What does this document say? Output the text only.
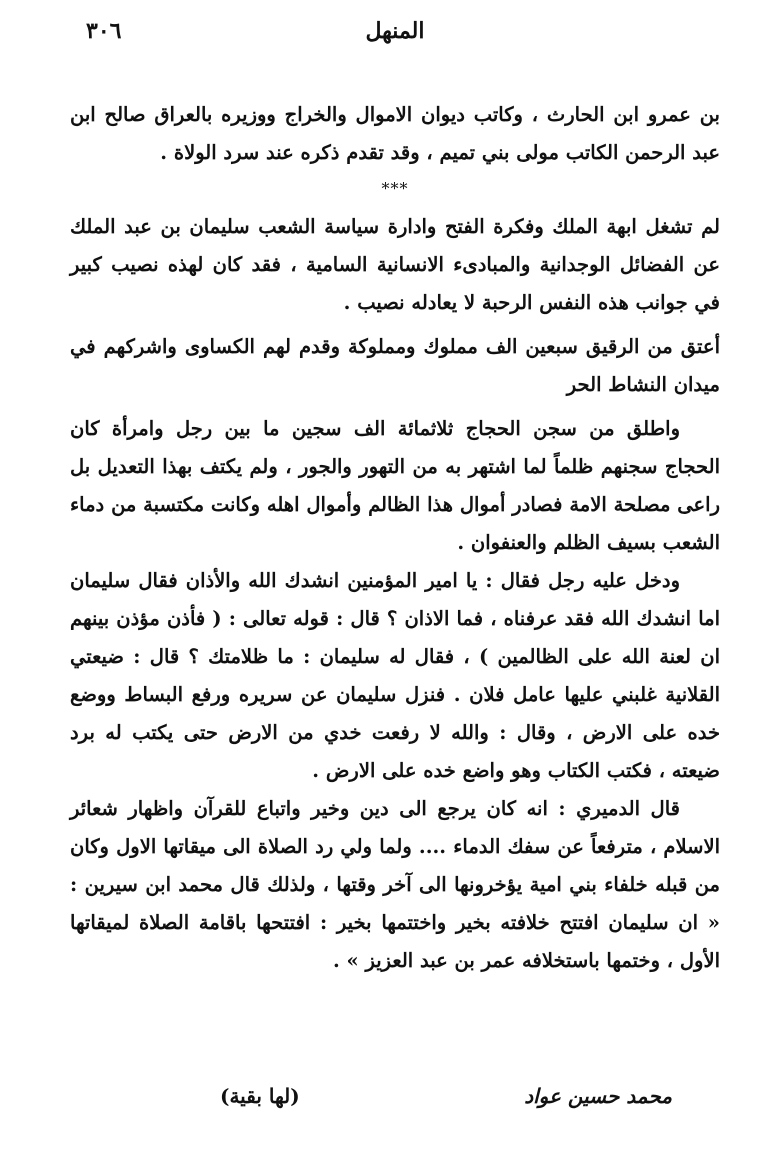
٣٠٦	المنهل

بن عمرو ابن الحارث ، وكاتب ديوان الاموال والخراج ووزيره بالعراق صالح ابن عبد الرحمن الكاتب مولى بني تميم ، وقد تقدم ذكره عند سرد الولاة .

***

لم تشغل ابهة الملك وفكرة الفتح وادارة سياسة الشعب سليمان بن عبد الملك عن الفضائل الوجدانية والمبادىء الانسانية السامية ، فقد كان لهذه نصيب كبير في جوانب هذه النفس الرحبة لا يعادله نصيب .

أعتق من الرقيق سبعين الف مملوك ومملوكة وقدم لهم الكساوى واشركهم في ميدان النشاط الحر

واطلق من سجن الحجاج ثلاثمائة الف سجين ما بين رجل وامرأة كان الحجاج سجنهم ظلماً لما اشتهر به من التهور والجور ، ولم يكتف بهذا التعديل بل راعى مصلحة الامة فصادر أموال هذا الظالم وأموال اهله وكانت مكتسبة من دماء الشعب بسيف الظلم والعنفوان .

ودخل عليه رجل فقال : يا امير المؤمنين انشدك الله والأذان فقال سليمان اما انشدك الله فقد عرفناه ، فما الاذان ؟ قال : قوله تعالى : ( فأذن مؤذن بينهم ان لعنة الله على الظالمين ) ، فقال له سليمان : ما ظلامتك ؟ قال : ضيعتي القلانية غلبني عليها عامل فلان . فنزل سليمان عن سريره ورفع البساط ووضع خده على الارض ، وقال : والله لا رفعت خدي من الارض حتى يكتب له برد ضيعته ، فكتب الكتاب وهو واضع خده على الارض .

قال الدميري : انه كان يرجع الى دين وخير واتباع للقرآن واظهار شعائر الاسلام ، مترفعاً عن سفك الدماء .... ولما ولي رد الصلاة الى ميقاتها الاول وكان من قبله خلفاء بني امية يؤخرونها الى آخر وقتها ، ولذلك قال محمد ابن سيرين : « ان سليمان افتتح خلافته بخير واختتمها بخير : افتتحها باقامة الصلاة لميقاتها الأول ، وختمها باستخلافه عمر بن عبد العزيز » .

محمد حسين عواد
(لها بقية)
